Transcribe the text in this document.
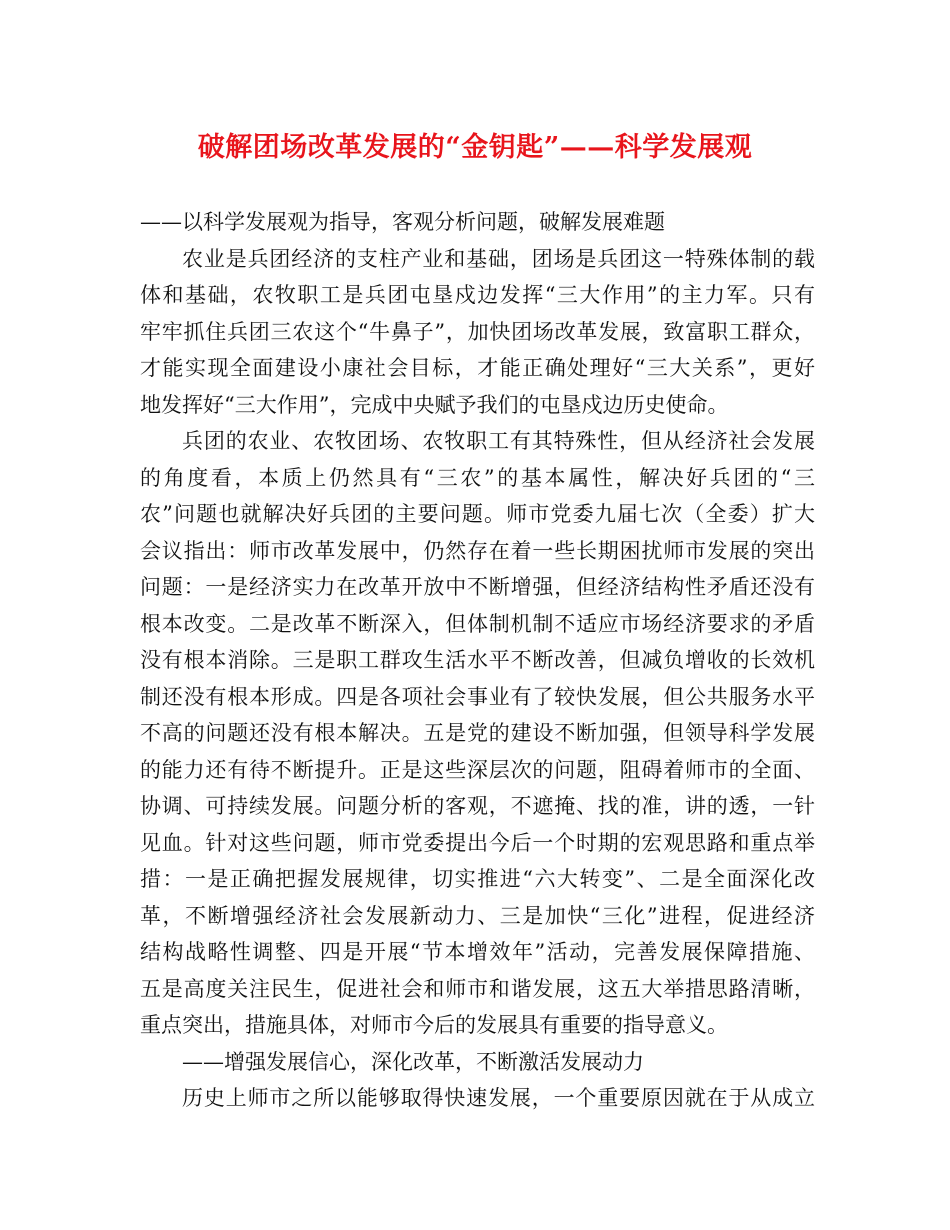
破解团场改革发展的“金钥匙”——科学发展观
——以科学发展观为指导，客观分析问题，破解发展难题
农业是兵团经济的支柱产业和基础，团场是兵团这一特殊体制的载
体和基础，农牧职工是兵团屯垦戍边发挥“三大作用”的主力军。只有
牢牢抓住兵团三农这个“牛鼻子”，加快团场改革发展，致富职工群众，
才能实现全面建设小康社会目标，才能正确处理好“三大关系”，更好
地发挥好“三大作用”，完成中央赋予我们的屯垦戍边历史使命。
兵团的农业、农牧团场、农牧职工有其特殊性，但从经济社会发展
的角度看，本质上仍然具有“三农”的基本属性，解决好兵团的“三
农”问题也就解决好兵团的主要问题。师市党委九届七次（全委）扩大
会议指出：师市改革发展中，仍然存在着一些长期困扰师市发展的突出
问题：一是经济实力在改革开放中不断增强，但经济结构性矛盾还没有
根本改变。二是改革不断深入，但体制机制不适应市场经济要求的矛盾
没有根本消除。三是职工群攻生活水平不断改善，但减负增收的长效机
制还没有根本形成。四是各项社会事业有了较快发展，但公共服务水平
不高的问题还没有根本解决。五是党的建设不断加强，但领导科学发展
的能力还有待不断提升。正是这些深层次的问题，阻碍着师市的全面、
协调、可持续发展。问题分析的客观，不遮掩、找的准，讲的透，一针
见血。针对这些问题，师市党委提出今后一个时期的宏观思路和重点举
措：一是正确把握发展规律，切实推进“六大转变”、二是全面深化改
革，不断增强经济社会发展新动力、三是加快“三化”进程，促进经济
结构战略性调整、四是开展“节本增效年”活动，完善发展保障措施、
五是高度关注民生，促进社会和师市和谐发展，这五大举措思路清晰，
重点突出，措施具体，对师市今后的发展具有重要的指导意义。
——增强发展信心，深化改革，不断激活发展动力
历史上师市之所以能够取得快速发展，一个重要原因就在于从成立
